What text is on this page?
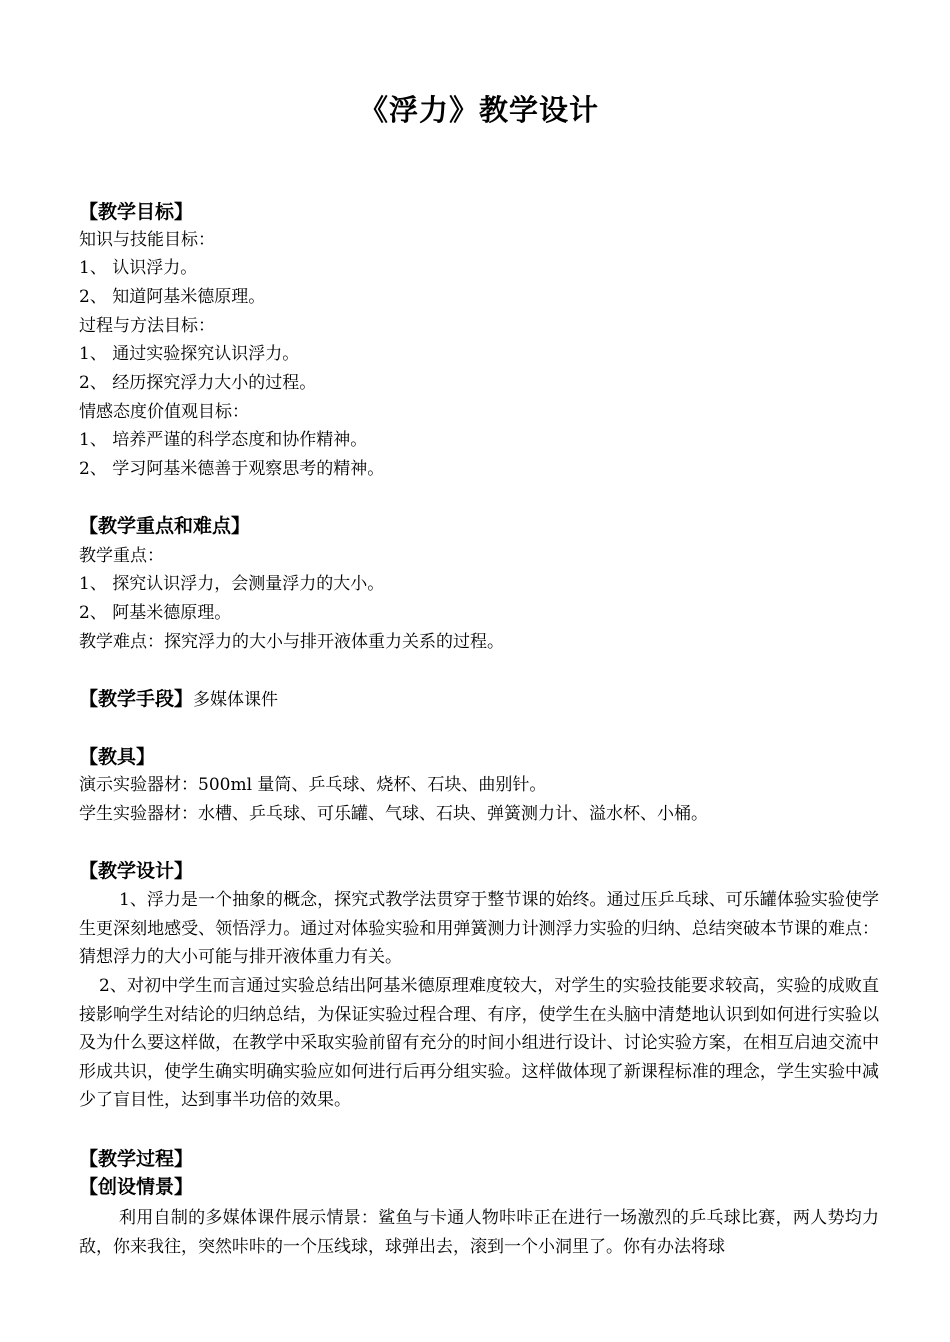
《浮力》教学设计
【教学目标】
知识与技能目标：
1、 认识浮力。
2、 知道阿基米德原理。
过程与方法目标：
1、 通过实验探究认识浮力。
2、 经历探究浮力大小的过程。
情感态度价值观目标：
1、 培养严谨的科学态度和协作精神。
2、 学习阿基米德善于观察思考的精神。
【教学重点和难点】
教学重点：
1、 探究认识浮力，会测量浮力的大小。
2、 阿基米德原理。
教学难点：探究浮力的大小与排开液体重力关系的过程。
【教学手段】多媒体课件
【教具】
演示实验器材：500ml 量筒、乒乓球、烧杯、石块、曲别针。
学生实验器材：水槽、乒乓球、可乐罐、气球、石块、弹簧测力计、溢水杯、小桶。
【教学设计】
1、浮力是一个抽象的概念，探究式教学法贯穿于整节课的始终。通过压乒乓球、可乐罐体验实验使学生更深刻地感受、领悟浮力。通过对体验实验和用弹簧测力计测浮力实验的归纳、总结突破本节课的难点：猜想浮力的大小可能与排开液体重力有关。
2、对初中学生而言通过实验总结出阿基米德原理难度较大，对学生的实验技能要求较高，实验的成败直接影响学生对结论的归纳总结，为保证实验过程合理、有序，使学生在头脑中清楚地认识到如何进行实验以及为什么要这样做，在教学中采取实验前留有充分的时间小组进行设计、讨论实验方案，在相互启迪交流中形成共识，使学生确实明确实验应如何进行后再分组实验。这样做体现了新课程标准的理念，学生实验中减少了盲目性，达到事半功倍的效果。
【教学过程】
【创设情景】
利用自制的多媒体课件展示情景：鲨鱼与卡通人物咔咔正在进行一场激烈的乒乓球比赛，两人势均力敌，你来我往，突然咔咔的一个压线球，球弹出去，滚到一个小洞里了。你有办法将球
